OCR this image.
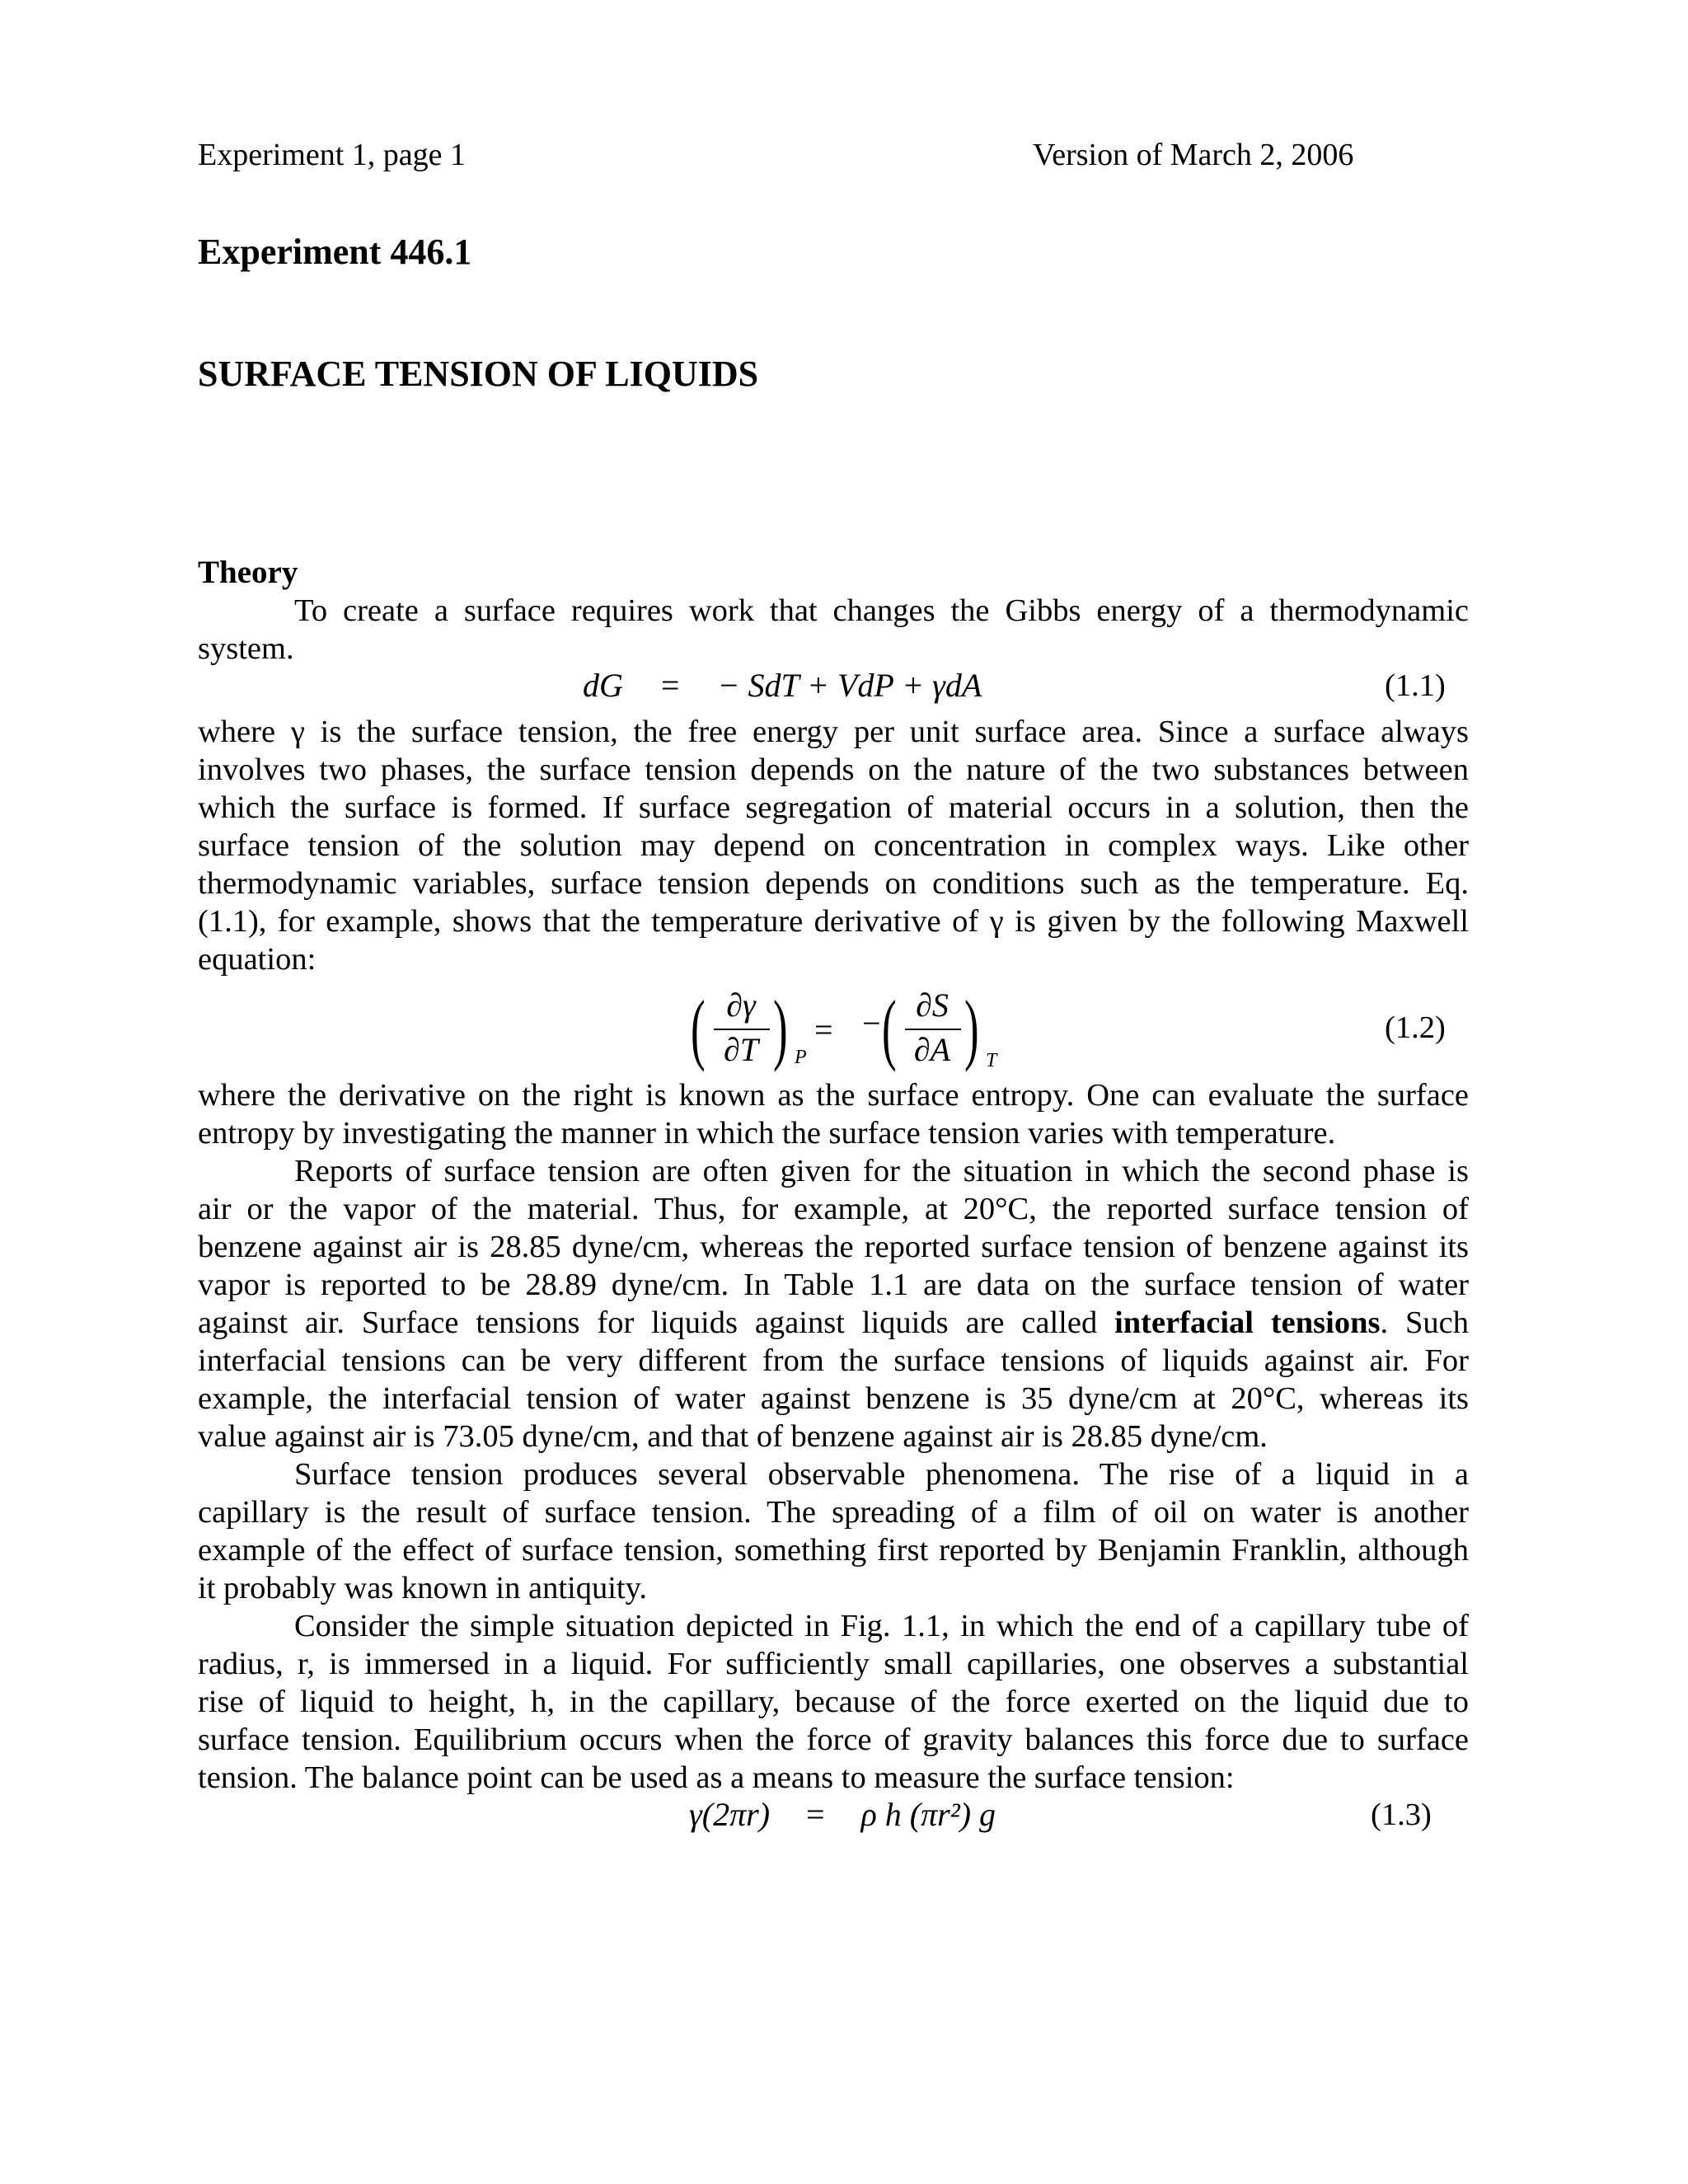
Experiment 1, page 1	Version of March 2, 2006
Experiment 446.1
SURFACE TENSION OF LIQUIDS
Theory
To create a surface requires work that changes the Gibbs energy of a thermodynamic
system.
dG = − SdT + VdP + γdA	(1.1)
where γ is the surface tension, the free energy per unit surface area. Since a surface always
involves two phases, the surface tension depends on the nature of the two substances between
which the surface is formed. If surface segregation of material occurs in a solution, then the
surface tension of the solution may depend on concentration in complex ways. Like other
thermodynamic variables, surface tension depends on conditions such as the temperature. Eq.
(1.1), for example, shows that the temperature derivative of γ is given by the following Maxwell
equation:
( ∂γ
∂T ) P
= − ( ∂S
∂A ) T
(1.2)
where the derivative on the right is known as the surface entropy. One can evaluate the surface
entropy by investigating the manner in which the surface tension varies with temperature.
Reports of surface tension are often given for the situation in which the second phase is
air or the vapor of the material. Thus, for example, at 20°C, the reported surface tension of
benzene against air is 28.85 dyne/cm, whereas the reported surface tension of benzene against its
vapor is reported to be 28.89 dyne/cm. In Table 1.1 are data on the surface tension of water
against air. Surface tensions for liquids against liquids are called interfacial tensions. Such
interfacial tensions can be very different from the surface tensions of liquids against air. For
example, the interfacial tension of water against benzene is 35 dyne/cm at 20°C, whereas its
value against air is 73.05 dyne/cm, and that of benzene against air is 28.85 dyne/cm.
Surface tension produces several observable phenomena. The rise of a liquid in a
capillary is the result of surface tension. The spreading of a film of oil on water is another
example of the effect of surface tension, something first reported by Benjamin Franklin, although
it probably was known in antiquity.
Consider the simple situation depicted in Fig. 1.1, in which the end of a capillary tube of
radius, r, is immersed in a liquid. For sufficiently small capillaries, one observes a substantial
rise of liquid to height, h, in the capillary, because of the force exerted on the liquid due to
surface tension. Equilibrium occurs when the force of gravity balances this force due to surface
tension. The balance point can be used as a means to measure the surface tension:
γ(2πr) = ρ h (πr²) g	(1.3)
